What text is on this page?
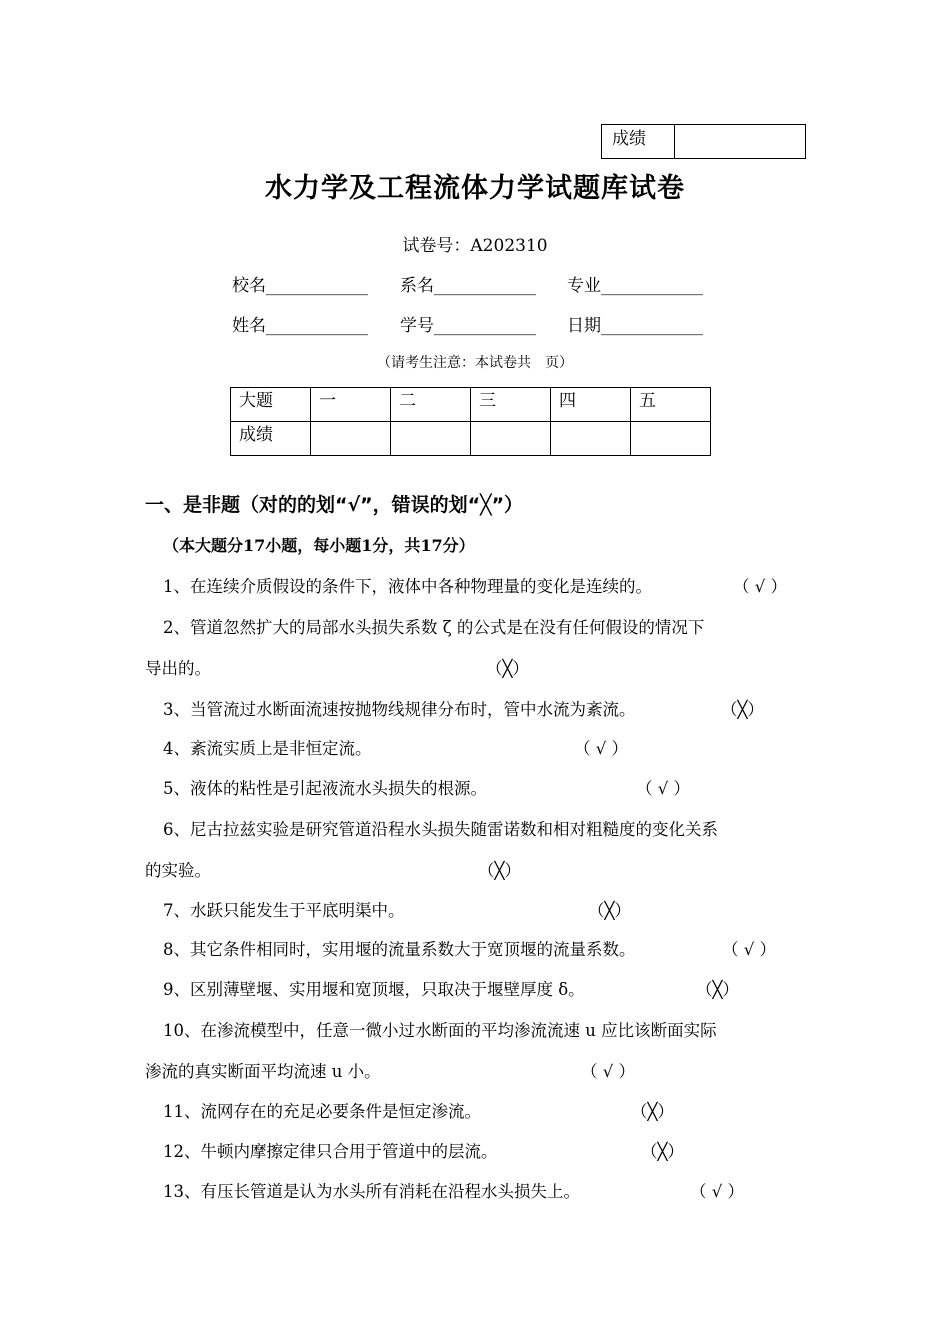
成绩
水力学及工程流体力学试题库试卷
试卷号：A202310
校名____________ 系名____________ 专业____________
姓名____________ 学号____________ 日期____________
（请考生注意：本试卷共　页）
大题	一	二	三	四	五
成绩					
一、是非题（对的的划“√”，错误的划“╳”）
（本大题分17小题，每小题1分，共17分）
1、在连续介质假设的条件下，液体中各种物理量的变化是连续的。	（ √ ）
2、管道忽然扩大的局部水头损失系数 ζ 的公式是在没有任何假设的情况下
导出的。	（╳）
3、当管流过水断面流速按抛物线规律分布时，管中水流为紊流。	（╳）
4、紊流实质上是非恒定流。	（ √ ）
5、液体的粘性是引起液流水头损失的根源。	（ √ ）
6、尼古拉兹实验是研究管道沿程水头损失随雷诺数和相对粗糙度的变化关系
的实验。	（╳）
7、水跃只能发生于平底明渠中。	（╳）
8、其它条件相同时，实用堰的流量系数大于宽顶堰的流量系数。	（ √ ）
9、区别薄壁堰、实用堰和宽顶堰，只取决于堰壁厚度 δ。	（╳）
10、在渗流模型中，任意一微小过水断面的平均渗流流速 u 应比该断面实际
渗流的真实断面平均流速 u 小。	（ √ ）
11、流网存在的充足必要条件是恒定渗流。	（╳）
12、牛顿内摩擦定律只合用于管道中的层流。	（╳）
13、有压长管道是认为水头所有消耗在沿程水头损失上。	（ √ ）
